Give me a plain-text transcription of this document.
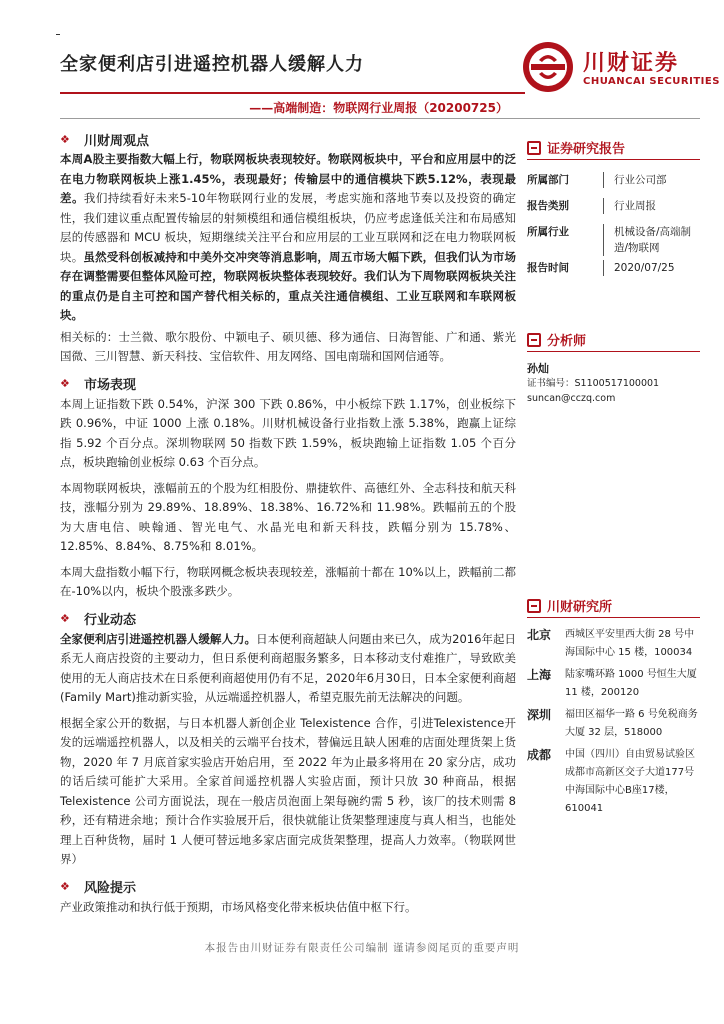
全家便利店引进遥控机器人缓解人力	川财证券
CHUANCAI SECURITIES
——高端制造：物联网行业周报（20200725）
❖	川财周观点

本周A股主要指数大幅上行，物联网板块表现较好。物联网板块中，平台和应用层中的泛在电力物联网板块上涨1.45%，表现最好；传输层中的通信模块下跌5.12%，表现最差。我们持续看好未来5-10年物联网行业的发展，考虑实施和落地节奏以及投资的确定性，我们建议重点配置传输层的射频模组和通信模组板块，仍应考虑逢低关注和布局感知层的传感器和 MCU 板块，短期继续关注平台和应用层的工业互联网和泛在电力物联网板块。虽然受科创板减持和中美外交冲突等消息影响，周五市场大幅下跌，但我们认为市场存在调整需要但整体风险可控，物联网板块整体表现较好。我们认为下周物联网板块关注的重点仍是自主可控和国产替代相关标的，重点关注通信模组、工业互联网和车联网板块。

相关标的：士兰微、歌尔股份、中颖电子、硕贝德、移为通信、日海智能、广和通、紫光国微、三川智慧、新天科技、宝信软件、用友网络、国电南瑞和国网信通等。

❖	市场表现

本周上证指数下跌 0.54%，沪深 300 下跌 0.86%，中小板综下跌 1.17%，创业板综下跌 0.96%，中证 1000 上涨 0.18%。川财机械设备行业指数上涨 5.38%，跑赢上证综指 5.92 个百分点。深圳物联网 50 指数下跌 1.59%，板块跑输上证指数 1.05 个百分点，板块跑输创业板综 0.63 个百分点。

本周物联网板块，涨幅前五的个股为红相股份、鼎捷软件、高德红外、全志科技和航天科技，涨幅分别为 29.89%、18.89%、18.38%、16.72%和 11.98%。跌幅前五的个股为大唐电信、映翰通、智光电气、水晶光电和新天科技，跌幅分别为 15.78%、12.85%、8.84%、8.75%和 8.01%。

本周大盘指数小幅下行，物联网概念板块表现较差，涨幅前十都在 10%以上，跌幅前二都在-10%以内，板块个股涨多跌少。

❖	行业动态

全家便利店引进遥控机器人缓解人力。日本便利商超缺人问题由来已久，成为2016年起日系无人商店投资的主要动力，但日系便利商超服务繁多，日本移动支付难推广，导致欧美使用的无人商店技术在日系便利商超使用仍有不足，2020年6月30日，日本全家便利商超(Family Mart)推动新实验，从远端遥控机器人，希望克服先前无法解决的问题。

根据全家公开的数据，与日本机器人新创企业 Telexistence 合作，引进Telexistence开发的远端遥控机器人，以及相关的云端平台技术，替偏远且缺人困难的店面处理货架上货物，2020 年 7 月底首家实验店开始启用，至 2022 年为止最多将用在 20 家分店，成功的话后续可能扩大采用。全家首间遥控机器人实验店面，预计只放 30 种商品，根据 Telexistence 公司方面说法，现在一般店员泡面上架每碗约需 5 秒，该厂的技术则需 8 秒，还有精进余地；预计合作实验展开后，很快就能让货架整理速度与真人相当，也能处理上百种货物，届时 1 人便可替远地多家店面完成货架整理，提高人力效率。（物联网世界）

❖	风险提示

产业政策推动和执行低于预期，市场风格变化带来板块估值中枢下行。

证券研究报告
所属部门	行业公司部
报告类别	行业周报
所属行业	机械设备/高端制造/物联网
报告时间	2020/07/25
分析师
孙灿
证书编号：S1100517100001
suncan@cczq.com
川财研究所
北京	西城区平安里西大街 28 号中海国际中心 15 楼，100034
上海	陆家嘴环路 1000 号恒生大厦 11 楼，200120
深圳	福田区福华一路 6 号免税商务大厦 32 层，518000
成都	中国（四川）自由贸易试验区成都市高新区交子大道177号中海国际中心B座17楼，610041
本报告由川财证券有限责任公司编制 谨请参阅尾页的重要声明
